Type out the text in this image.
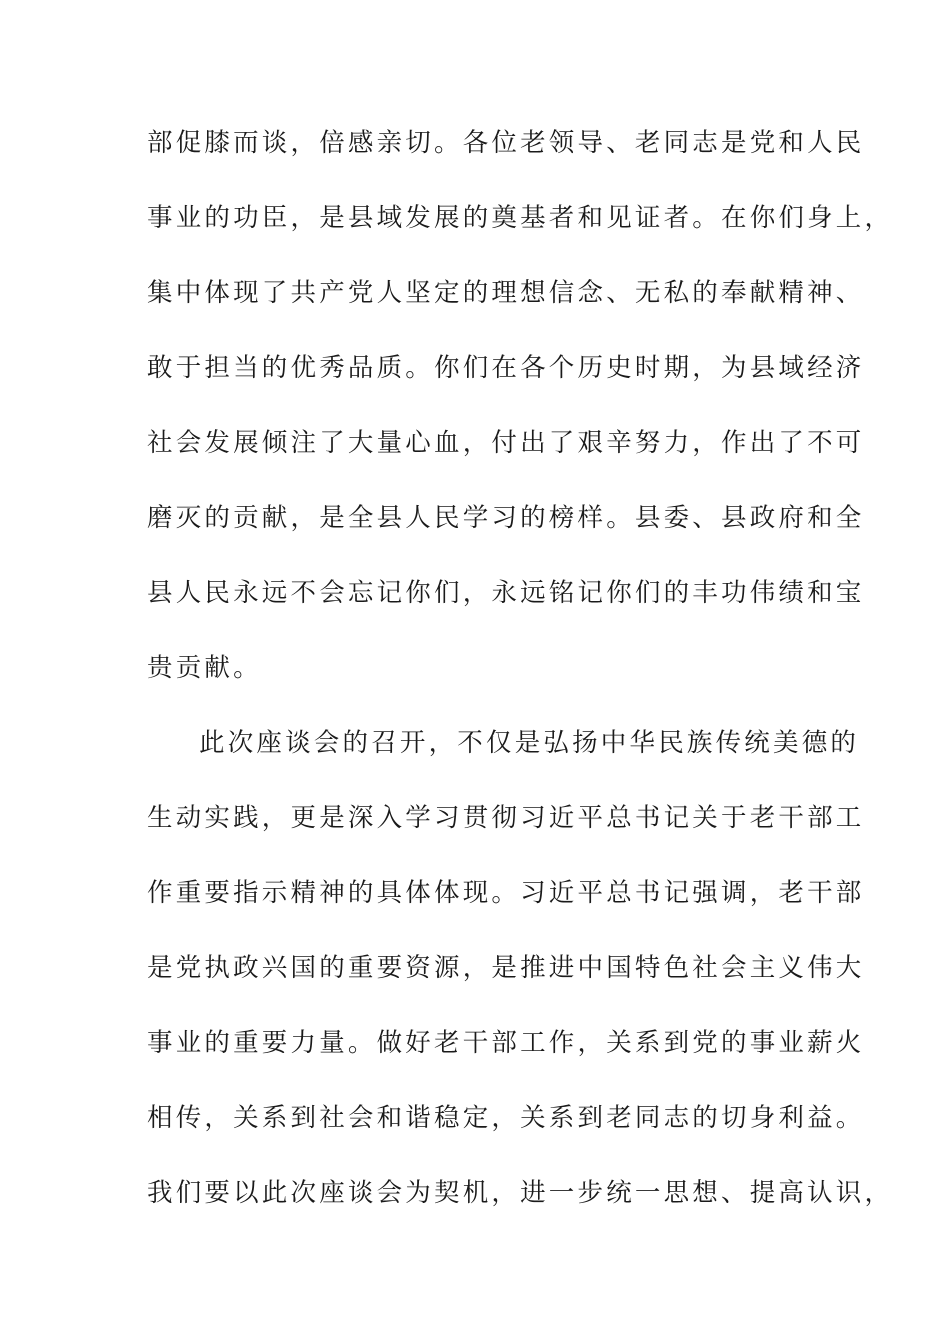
部促膝而谈，倍感亲切。各位老领导、老同志是党和人民
事业的功臣，是县域发展的奠基者和见证者。在你们身上，
集中体现了共产党人坚定的理想信念、无私的奉献精神、
敢于担当的优秀品质。你们在各个历史时期，为县域经济
社会发展倾注了大量心血，付出了艰辛努力，作出了不可
磨灭的贡献，是全县人民学习的榜样。县委、县政府和全
县人民永远不会忘记你们，永远铭记你们的丰功伟绩和宝
贵贡献。
此次座谈会的召开，不仅是弘扬中华民族传统美德的
生动实践，更是深入学习贯彻习近平总书记关于老干部工
作重要指示精神的具体体现。习近平总书记强调，老干部
是党执政兴国的重要资源，是推进中国特色社会主义伟大
事业的重要力量。做好老干部工作，关系到党的事业薪火
相传，关系到社会和谐稳定，关系到老同志的切身利益。
我们要以此次座谈会为契机，进一步统一思想、提高认识，
